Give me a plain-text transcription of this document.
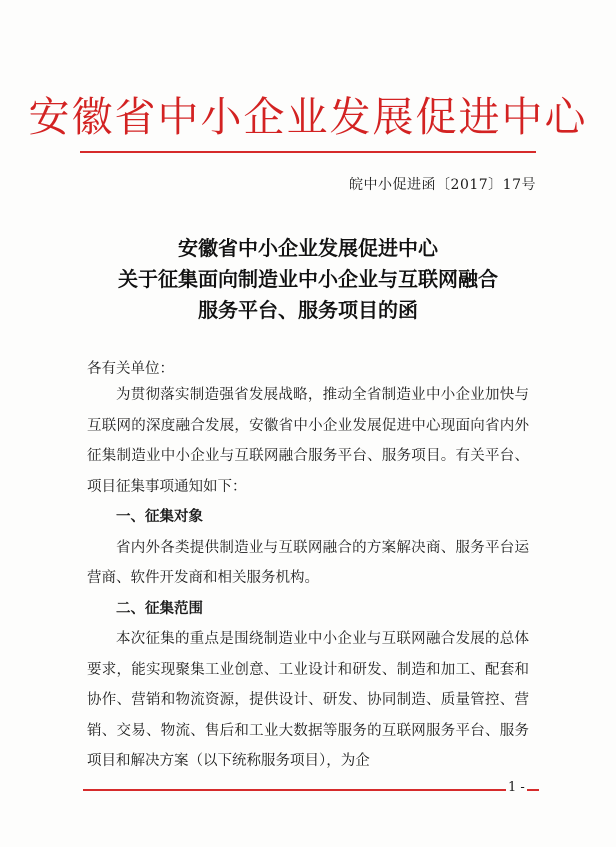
安徽省中小企业发展促进中心
皖中小促进函〔2017〕17号
安徽省中小企业发展促进中心
关于征集面向制造业中小企业与互联网融合
服务平台、服务项目的函
各有关单位：

为贯彻落实制造强省发展战略，推动全省制造业中小企业加快与互联网的深度融合发展，安徽省中小企业发展促进中心现面向省内外征集制造业中小企业与互联网融合服务平台、服务项目。有关平台、项目征集事项通知如下：

一、征集对象

省内外各类提供制造业与互联网融合的方案解决商、服务平台运营商、软件开发商和相关服务机构。

二、征集范围

本次征集的重点是围绕制造业中小企业与互联网融合发展的总体要求，能实现聚集工业创意、工业设计和研发、制造和加工、配套和协作、营销和物流资源，提供设计、研发、协同制造、质量管控、营销、交易、物流、售后和工业大数据等服务的互联网服务平台、服务项目和解决方案（以下统称服务项目），为企

1 -
